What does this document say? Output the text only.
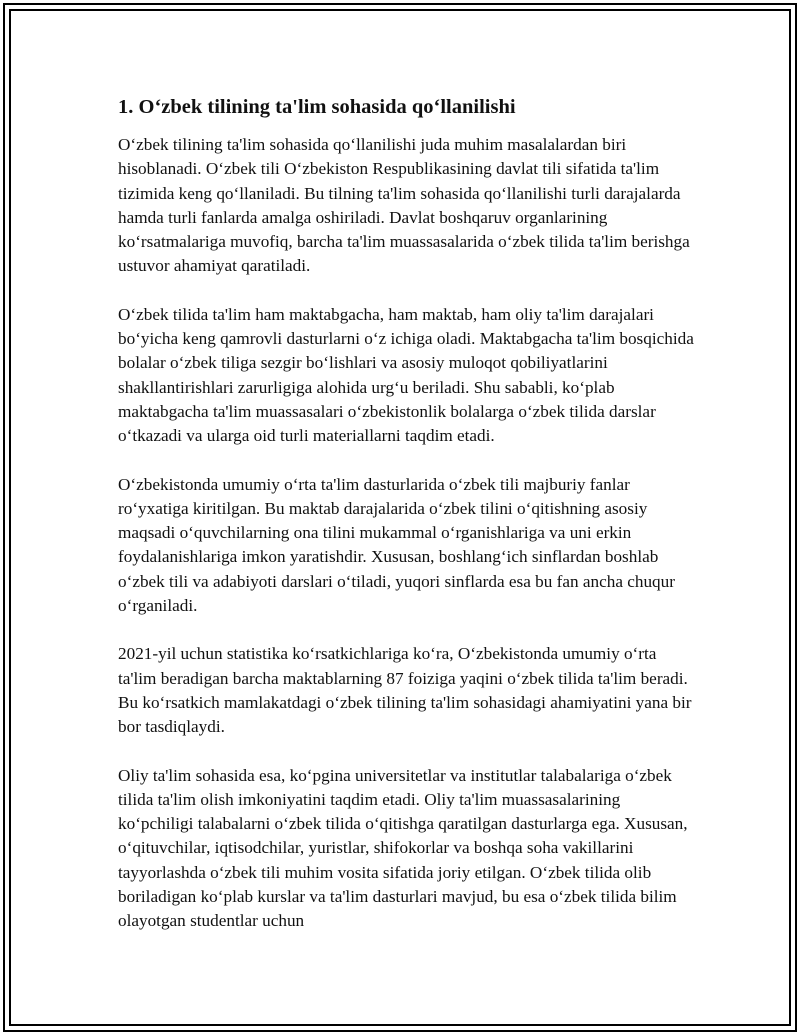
1. O‘zbek tilining ta'lim sohasida qo‘llanilishi

O‘zbek tilining ta'lim sohasida qo‘llanilishi juda muhim masalalardan biri hisoblanadi. O‘zbek tili O‘zbekiston Respublikasining davlat tili sifatida ta'lim tizimida keng qo‘llaniladi. Bu tilning ta'lim sohasida qo‘llanilishi turli darajalarda hamda turli fanlarda amalga oshiriladi. Davlat boshqaruv organlarining ko‘rsatmalariga muvofiq, barcha ta'lim muassasalarida o‘zbek tilida ta'lim berishga ustuvor ahamiyat qaratiladi.

O‘zbek tilida ta'lim ham maktabgacha, ham maktab, ham oliy ta'lim darajalari bo‘yicha keng qamrovli dasturlarni o‘z ichiga oladi. Maktabgacha ta'lim bosqichida bolalar o‘zbek tiliga sezgir bo‘lishlari va asosiy muloqot qobiliyatlarini shakllantirishlari zarurligiga alohida urg‘u beriladi. Shu sababli, ko‘plab maktabgacha ta'lim muassasalari o‘zbekistonlik bolalarga o‘zbek tilida darslar o‘tkazadi va ularga oid turli materiallarni taqdim etadi.

O‘zbekistonda umumiy o‘rta ta'lim dasturlarida o‘zbek tili majburiy fanlar ro‘yxatiga kiritilgan. Bu maktab darajalarida o‘zbek tilini o‘qitishning asosiy maqsadi o‘quvchilarning ona tilini mukammal o‘rganishlariga va uni erkin foydalanishlariga imkon yaratishdir. Xususan, boshlang‘ich sinflardan boshlab o‘zbek tili va adabiyoti darslari o‘tiladi, yuqori sinflarda esa bu fan ancha chuqur o‘rganiladi.

2021-yil uchun statistika ko‘rsatkichlariga ko‘ra, O‘zbekistonda umumiy o‘rta ta'lim beradigan barcha maktablarning 87 foiziga yaqini o‘zbek tilida ta'lim beradi. Bu ko‘rsatkich mamlakatdagi o‘zbek tilining ta'lim sohasidagi ahamiyatini yana bir bor tasdiqlaydi.

Oliy ta'lim sohasida esa, ko‘pgina universitetlar va institutlar talabalariga o‘zbek tilida ta'lim olish imkoniyatini taqdim etadi. Oliy ta'lim muassasalarining ko‘pchiligi talabalarni o‘zbek tilida o‘qitishga qaratilgan dasturlarga ega. Xususan, o‘qituvchilar, iqtisodchilar, yuristlar, shifokorlar va boshqa soha vakillarini tayyorlashda o‘zbek tili muhim vosita sifatida joriy etilgan. O‘zbek tilida olib boriladigan ko‘plab kurslar va ta'lim dasturlari mavjud, bu esa o‘zbek tilida bilim olayotgan studentlar uchun
